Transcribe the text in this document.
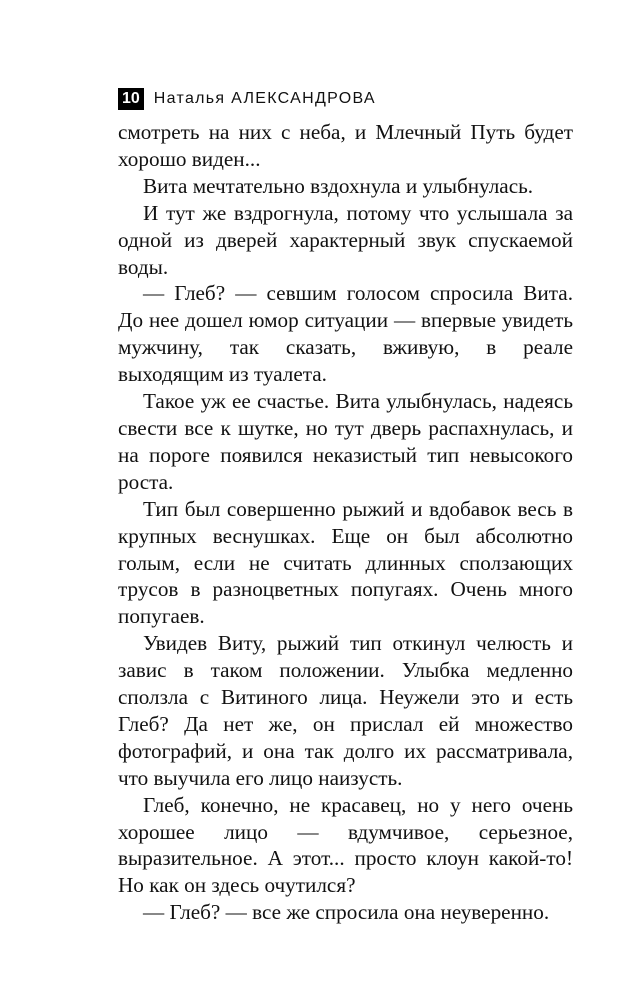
10 Наталья АЛЕКСАНДРОВА

смотреть на них с неба, и Млечный Путь будет хорошо виден...

Вита мечтательно вздохнула и улыбнулась.

И тут же вздрогнула, потому что услышала за одной из дверей характерный звук спускаемой воды.

— Глеб? — севшим голосом спросила Вита. До нее дошел юмор ситуации — впервые увидеть мужчину, так сказать, вживую, в реале выходящим из туалета.

Такое уж ее счастье. Вита улыбнулась, надеясь свести все к шутке, но тут дверь распахнулась, и на пороге появился неказистый тип невысокого роста.

Тип был совершенно рыжий и вдобавок весь в крупных веснушках. Еще он был абсолютно голым, если не считать длинных сползающих трусов в разноцветных попугаях. Очень много попугаев.

Увидев Виту, рыжий тип откинул челюсть и завис в таком положении. Улыбка медленно сползла с Витиного лица. Неужели это и есть Глеб? Да нет же, он прислал ей множество фотографий, и она так долго их рассматривала, что выучила его лицо наизусть.

Глеб, конечно, не красавец, но у него очень хорошее лицо — вдумчивое, серьезное, выразительное. А этот... просто клоун какой-то! Но как он здесь очутился?

— Глеб? — все же спросила она неуверенно.
